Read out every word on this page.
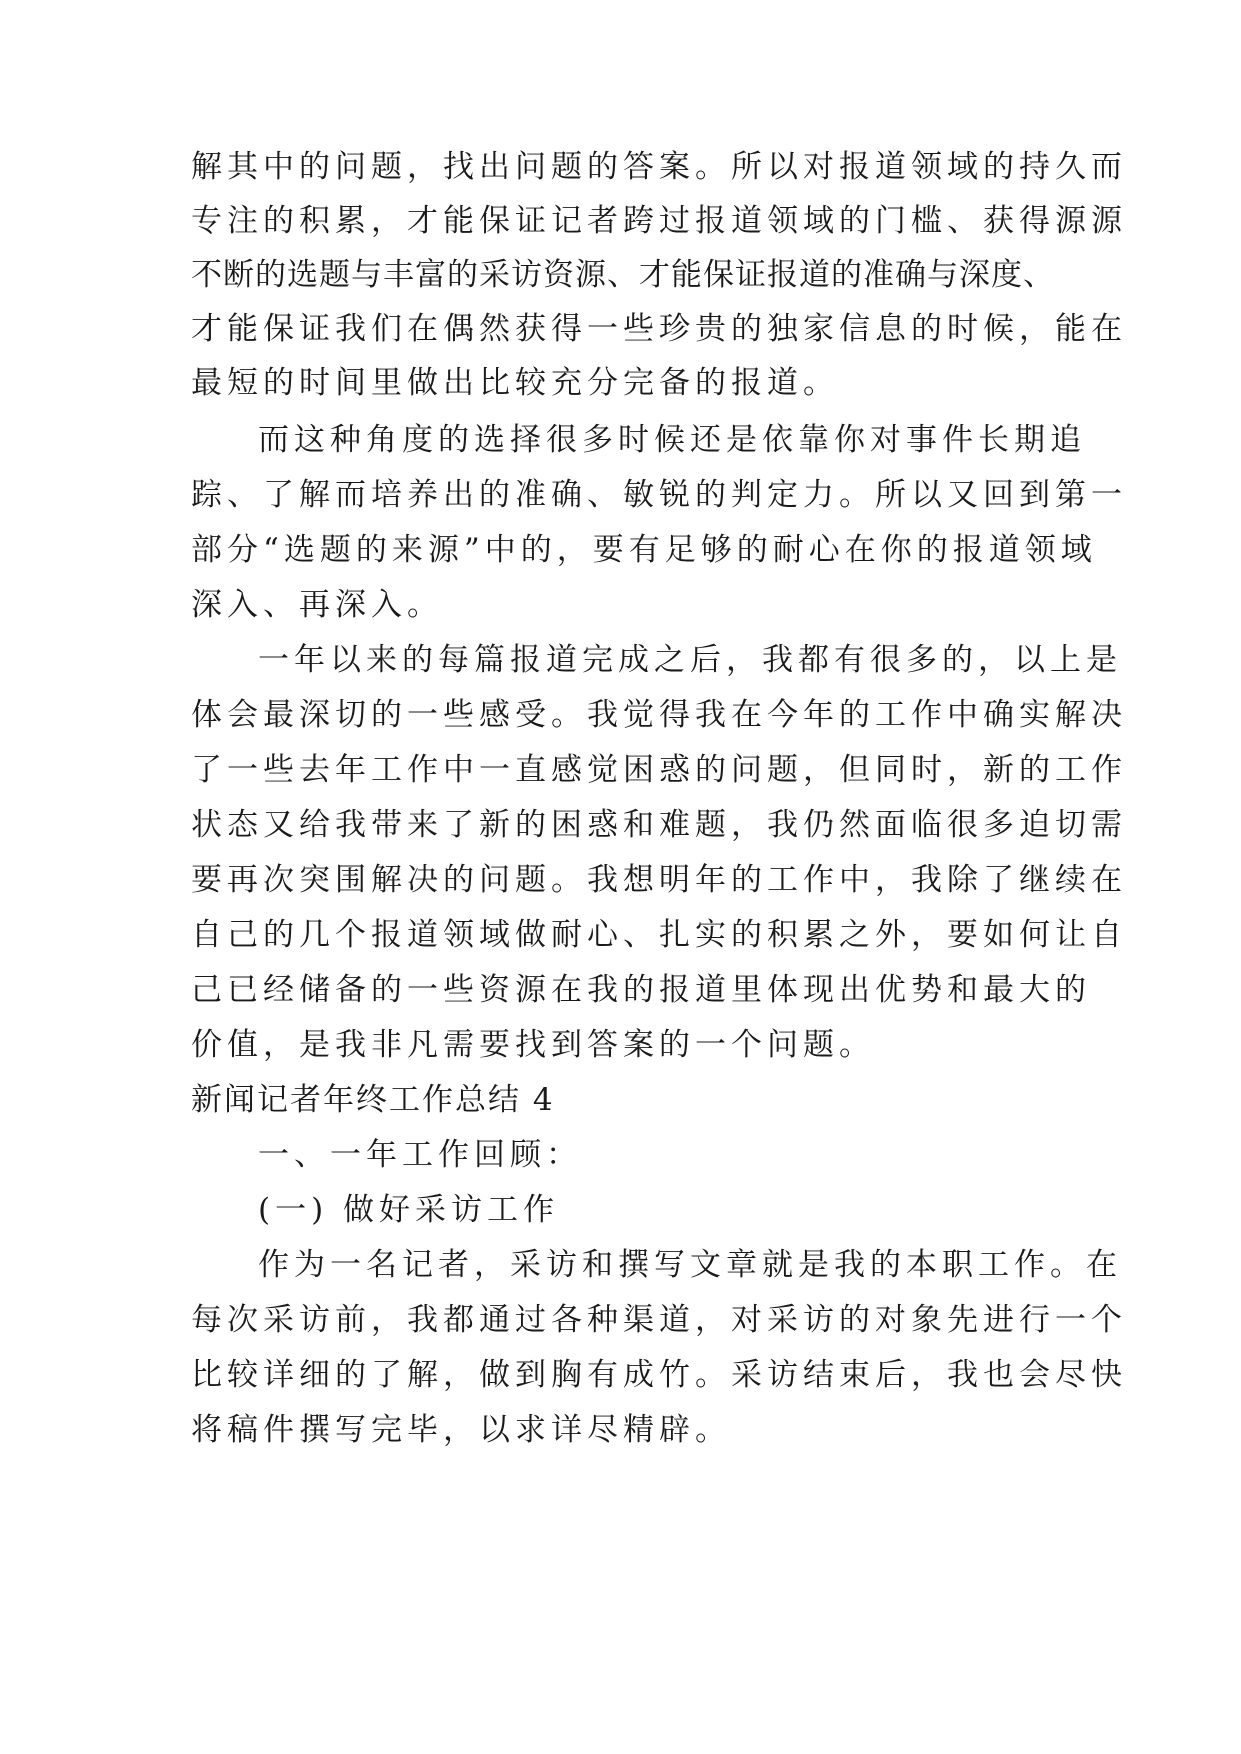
解其中的问题，找出问题的答案。所以对报道领域的持久而
专注的积累，才能保证记者跨过报道领域的门槛、获得源源
不断的选题与丰富的采访资源、才能保证报道的准确与深度、
才能保证我们在偶然获得一些珍贵的独家信息的时候，能在
最短的时间里做出比较充分完备的报道。
而这种角度的选择很多时候还是依靠你对事件长期追
踪、了解而培养出的准确、敏锐的判定力。所以又回到第一
部分“选题的来源”中的，要有足够的耐心在你的报道领域
深入、再深入。
一年以来的每篇报道完成之后，我都有很多的，以上是
体会最深切的一些感受。我觉得我在今年的工作中确实解决
了一些去年工作中一直感觉困惑的问题，但同时，新的工作
状态又给我带来了新的困惑和难题，我仍然面临很多迫切需
要再次突围解决的问题。我想明年的工作中，我除了继续在
自己的几个报道领域做耐心、扎实的积累之外，要如何让自
己已经储备的一些资源在我的报道里体现出优势和最大的
价值，是我非凡需要找到答案的一个问题。
新闻记者年终工作总结 4
一、一年工作回顾：
(一) 做好采访工作
作为一名记者，采访和撰写文章就是我的本职工作。在
每次采访前，我都通过各种渠道，对采访的对象先进行一个
比较详细的了解，做到胸有成竹。采访结束后，我也会尽快
将稿件撰写完毕，以求详尽精辟。
